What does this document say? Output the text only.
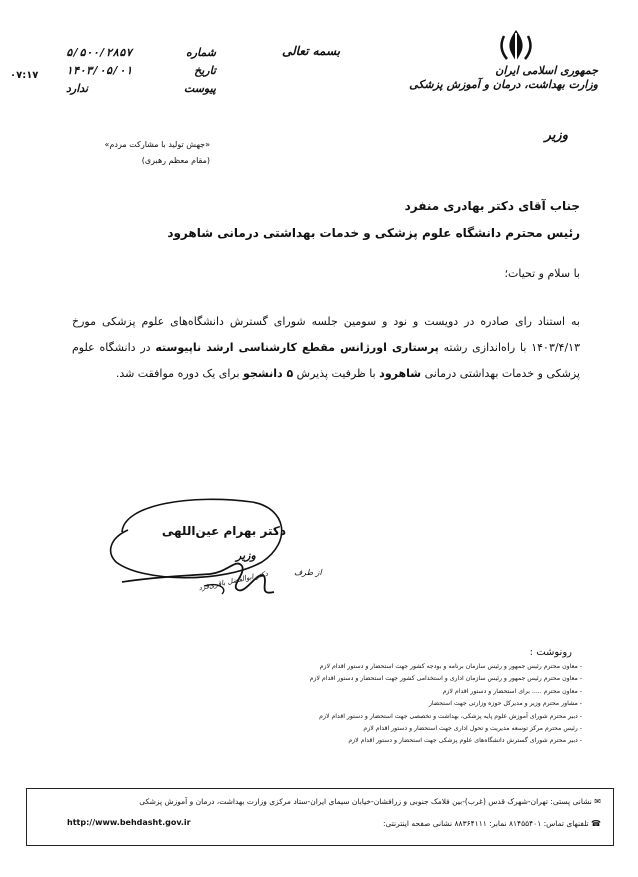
جمهوری اسلامی ایران
وزارت بهداشت، درمان و آموزش پزشکی
وزیر
بسمه تعالی
شماره
۵/۵۰۰/۲۸۵۷
تاریخ
۱۴۰۳/۰۵/۰۱
پیوست
ندارد
۰۷:۱۷
«جهش تولید با مشارکت مردم»
(مقام معظم رهبری)
جناب آقای دکتر بهادری منفرد
رئیس محترم دانشگاه علوم پزشکی و خدمات بهداشتی درمانی شاهرود
با سلام و تحیات؛
به استناد رای صادره در دویست و نود و سومین جلسه شورای گسترش دانشگاه‌های علوم پزشکی مورخ ۱۴۰۳/۴/۱۳ با راه‌اندازی رشته پرستاری اورژانس مقطع کارشناسی ارشد ناپیوسته در دانشگاه علوم پزشکی و خدمات بهداشتی درمانی شاهرود با ظرفیت پذیرش ۵ دانشجو برای یک دوره موافقت شد.
دکتر بهرام عین‌اللهی
وزیر
از طرف
دکتر ابوالفضل باقری‌فرد
رونوشت :
- معاون محترم رئیس جمهور و رئیس سازمان برنامه و بودجه کشور جهت استحضار و دستور اقدام لازم
- معاون محترم رئیس جمهور و رئیس سازمان اداری و استخدامی کشور جهت استحضار و دستور اقدام لازم
- معاون محترم ..... برای استحضار و دستور اقدام لازم
- مشاور محترم وزیر و مدیرکل حوزه وزارتی جهت استحضار
- دبیر محترم شورای آموزش علوم پایه پزشکی، بهداشت و تخصصی جهت استحضار و دستور اقدام لازم
- رئیس محترم مرکز توسعه مدیریت و تحول اداری جهت استحضار و دستور اقدام لازم
- دبیر محترم شورای گسترش دانشگاه‌های علوم پزشکی جهت استحضار و دستور اقدام لازم
✉ نشانی پستی: تهران-شهرک قدس (غرب)-بین فلامک جنوبی و زرافشان-خیابان سیمای ایران-ستاد مرکزی وزارت بهداشت، درمان و آموزش پزشکی
☎ تلفنهای تماس: ۸۱۴۵۵۴۰۱ نمابر: ۸۸۳۶۴۱۱۱ نشانی صفحه اینترنتی:
http://www.behdasht.gov.ir
